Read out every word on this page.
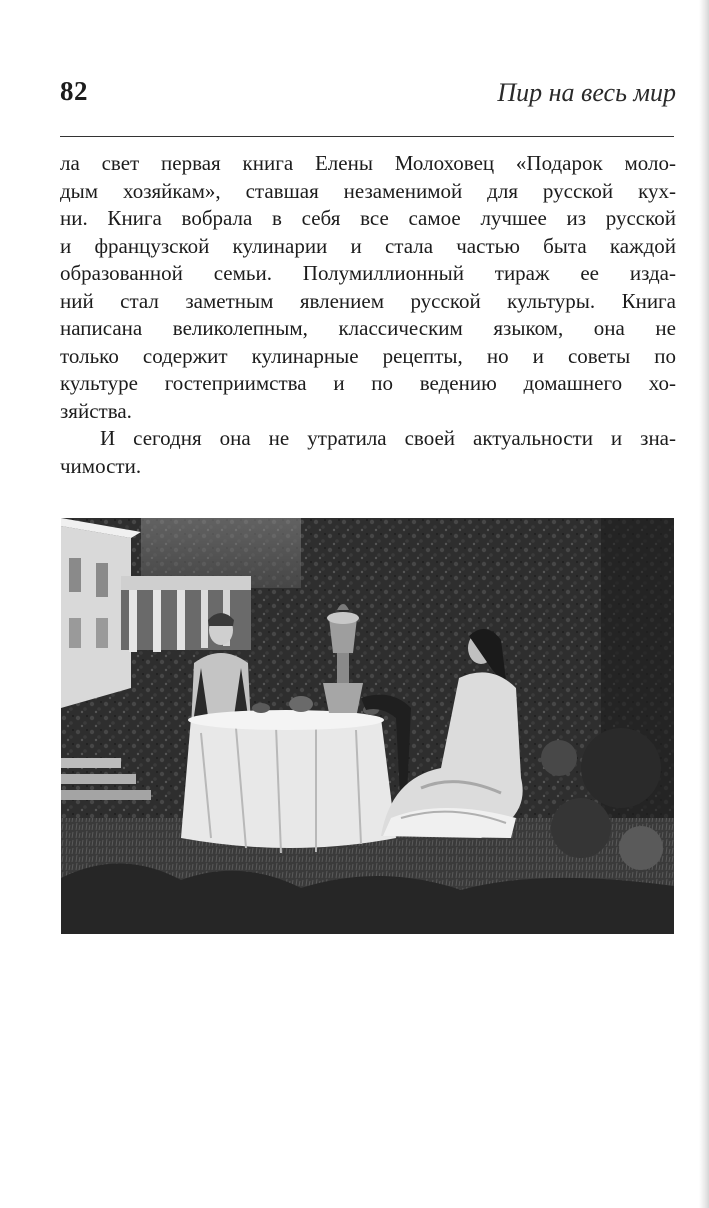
82	Пир на весь мир
ла свет первая книга Елены Молоховец «Подарок моло-
дым хозяйкам», ставшая незаменимой для русской кух-
ни. Книга вобрала в себя все самое лучшее из русской
и французской кулинарии и стала частью быта каждой
образованной семьи. Полумиллионный тираж ее изда-
ний стал заметным явлением русской культуры. Книга
написана великолепным, классическим языком, она не
только содержит кулинарные рецепты, но и советы по
культуре гостеприимства и по ведению домашнего хо-
зяйства.
И сегодня она не утратила своей актуальности и зна-
чимости.
